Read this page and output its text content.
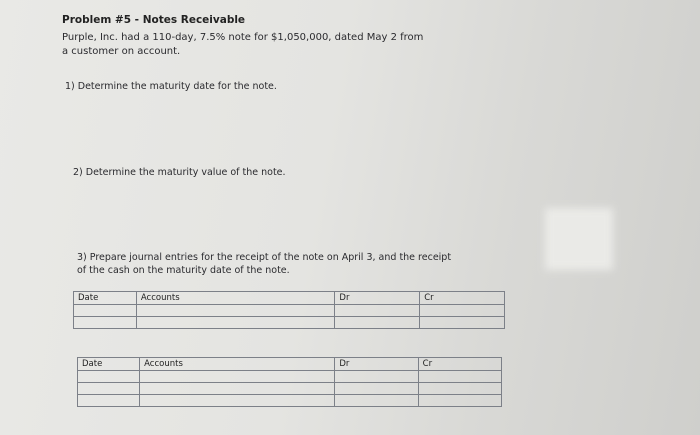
Problem #5 - Notes Receivable
Purple, Inc. had a 110-day, 7.5% note for $1,050,000, dated May 2 from
a customer on account.
1) Determine the maturity date for the note.
2) Determine the maturity value of the note.
3) Prepare journal entries for the receipt of the note on April 3, and the receipt
of the cash on the maturity date of the note.
Date	Accounts	Dr	Cr

Date	Accounts	Dr	Cr
